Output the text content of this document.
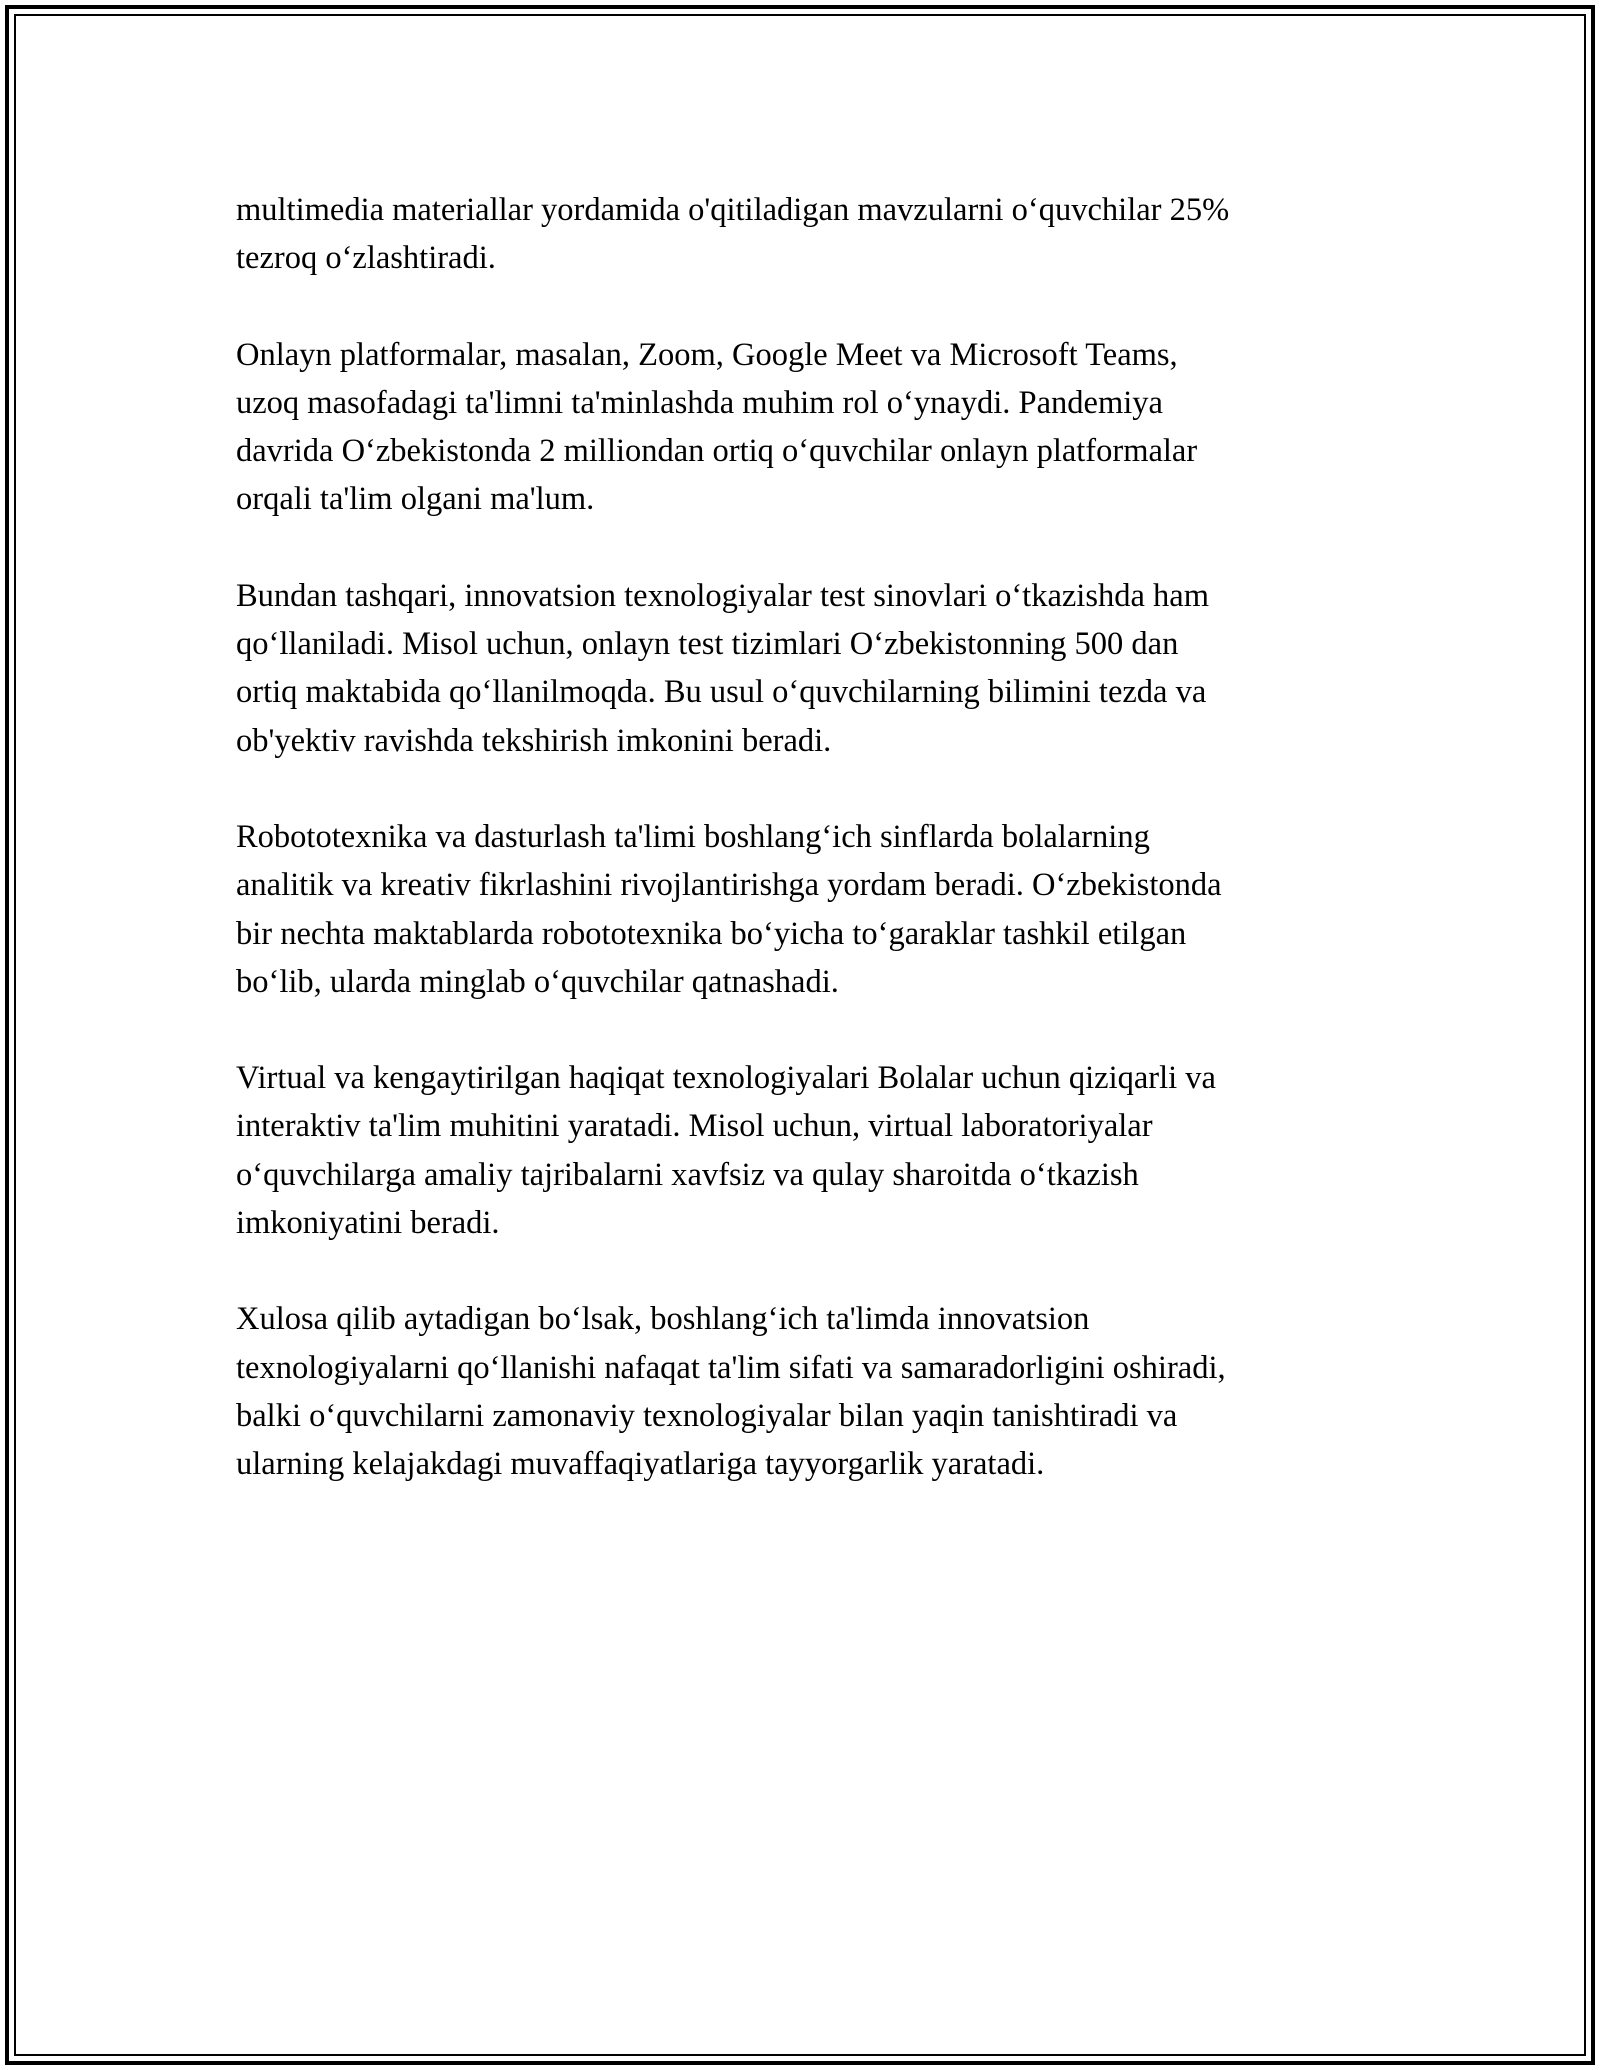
multimedia materiallar yordamida o'qitiladigan mavzularni o‘quvchilar 25%
tezroq o‘zlashtiradi.

Onlayn platformalar, masalan, Zoom, Google Meet va Microsoft Teams,
uzoq masofadagi ta'limni ta'minlashda muhim rol o‘ynaydi. Pandemiya
davrida O‘zbekistonda 2 milliondan ortiq o‘quvchilar onlayn platformalar
orqali ta'lim olgani ma'lum.

Bundan tashqari, innovatsion texnologiyalar test sinovlari o‘tkazishda ham
qo‘llaniladi. Misol uchun, onlayn test tizimlari O‘zbekistonning 500 dan
ortiq maktabida qo‘llanilmoqda. Bu usul o‘quvchilarning bilimini tezda va
ob'yektiv ravishda tekshirish imkonini beradi.

Robototexnika va dasturlash ta'limi boshlang‘ich sinflarda bolalarning
analitik va kreativ fikrlashini rivojlantirishga yordam beradi. O‘zbekistonda
bir nechta maktablarda robototexnika bo‘yicha to‘garaklar tashkil etilgan
bo‘lib, ularda minglab o‘quvchilar qatnashadi.

Virtual va kengaytirilgan haqiqat texnologiyalari Bolalar uchun qiziqarli va
interaktiv ta'lim muhitini yaratadi. Misol uchun, virtual laboratoriyalar
o‘quvchilarga amaliy tajribalarni xavfsiz va qulay sharoitda o‘tkazish
imkoniyatini beradi.

Xulosa qilib aytadigan bo‘lsak, boshlang‘ich ta'limda innovatsion
texnologiyalarni qo‘llanishi nafaqat ta'lim sifati va samaradorligini oshiradi,
balki o‘quvchilarni zamonaviy texnologiyalar bilan yaqin tanishtiradi va
ularning kelajakdagi muvaffaqiyatlariga tayyorgarlik yaratadi.
